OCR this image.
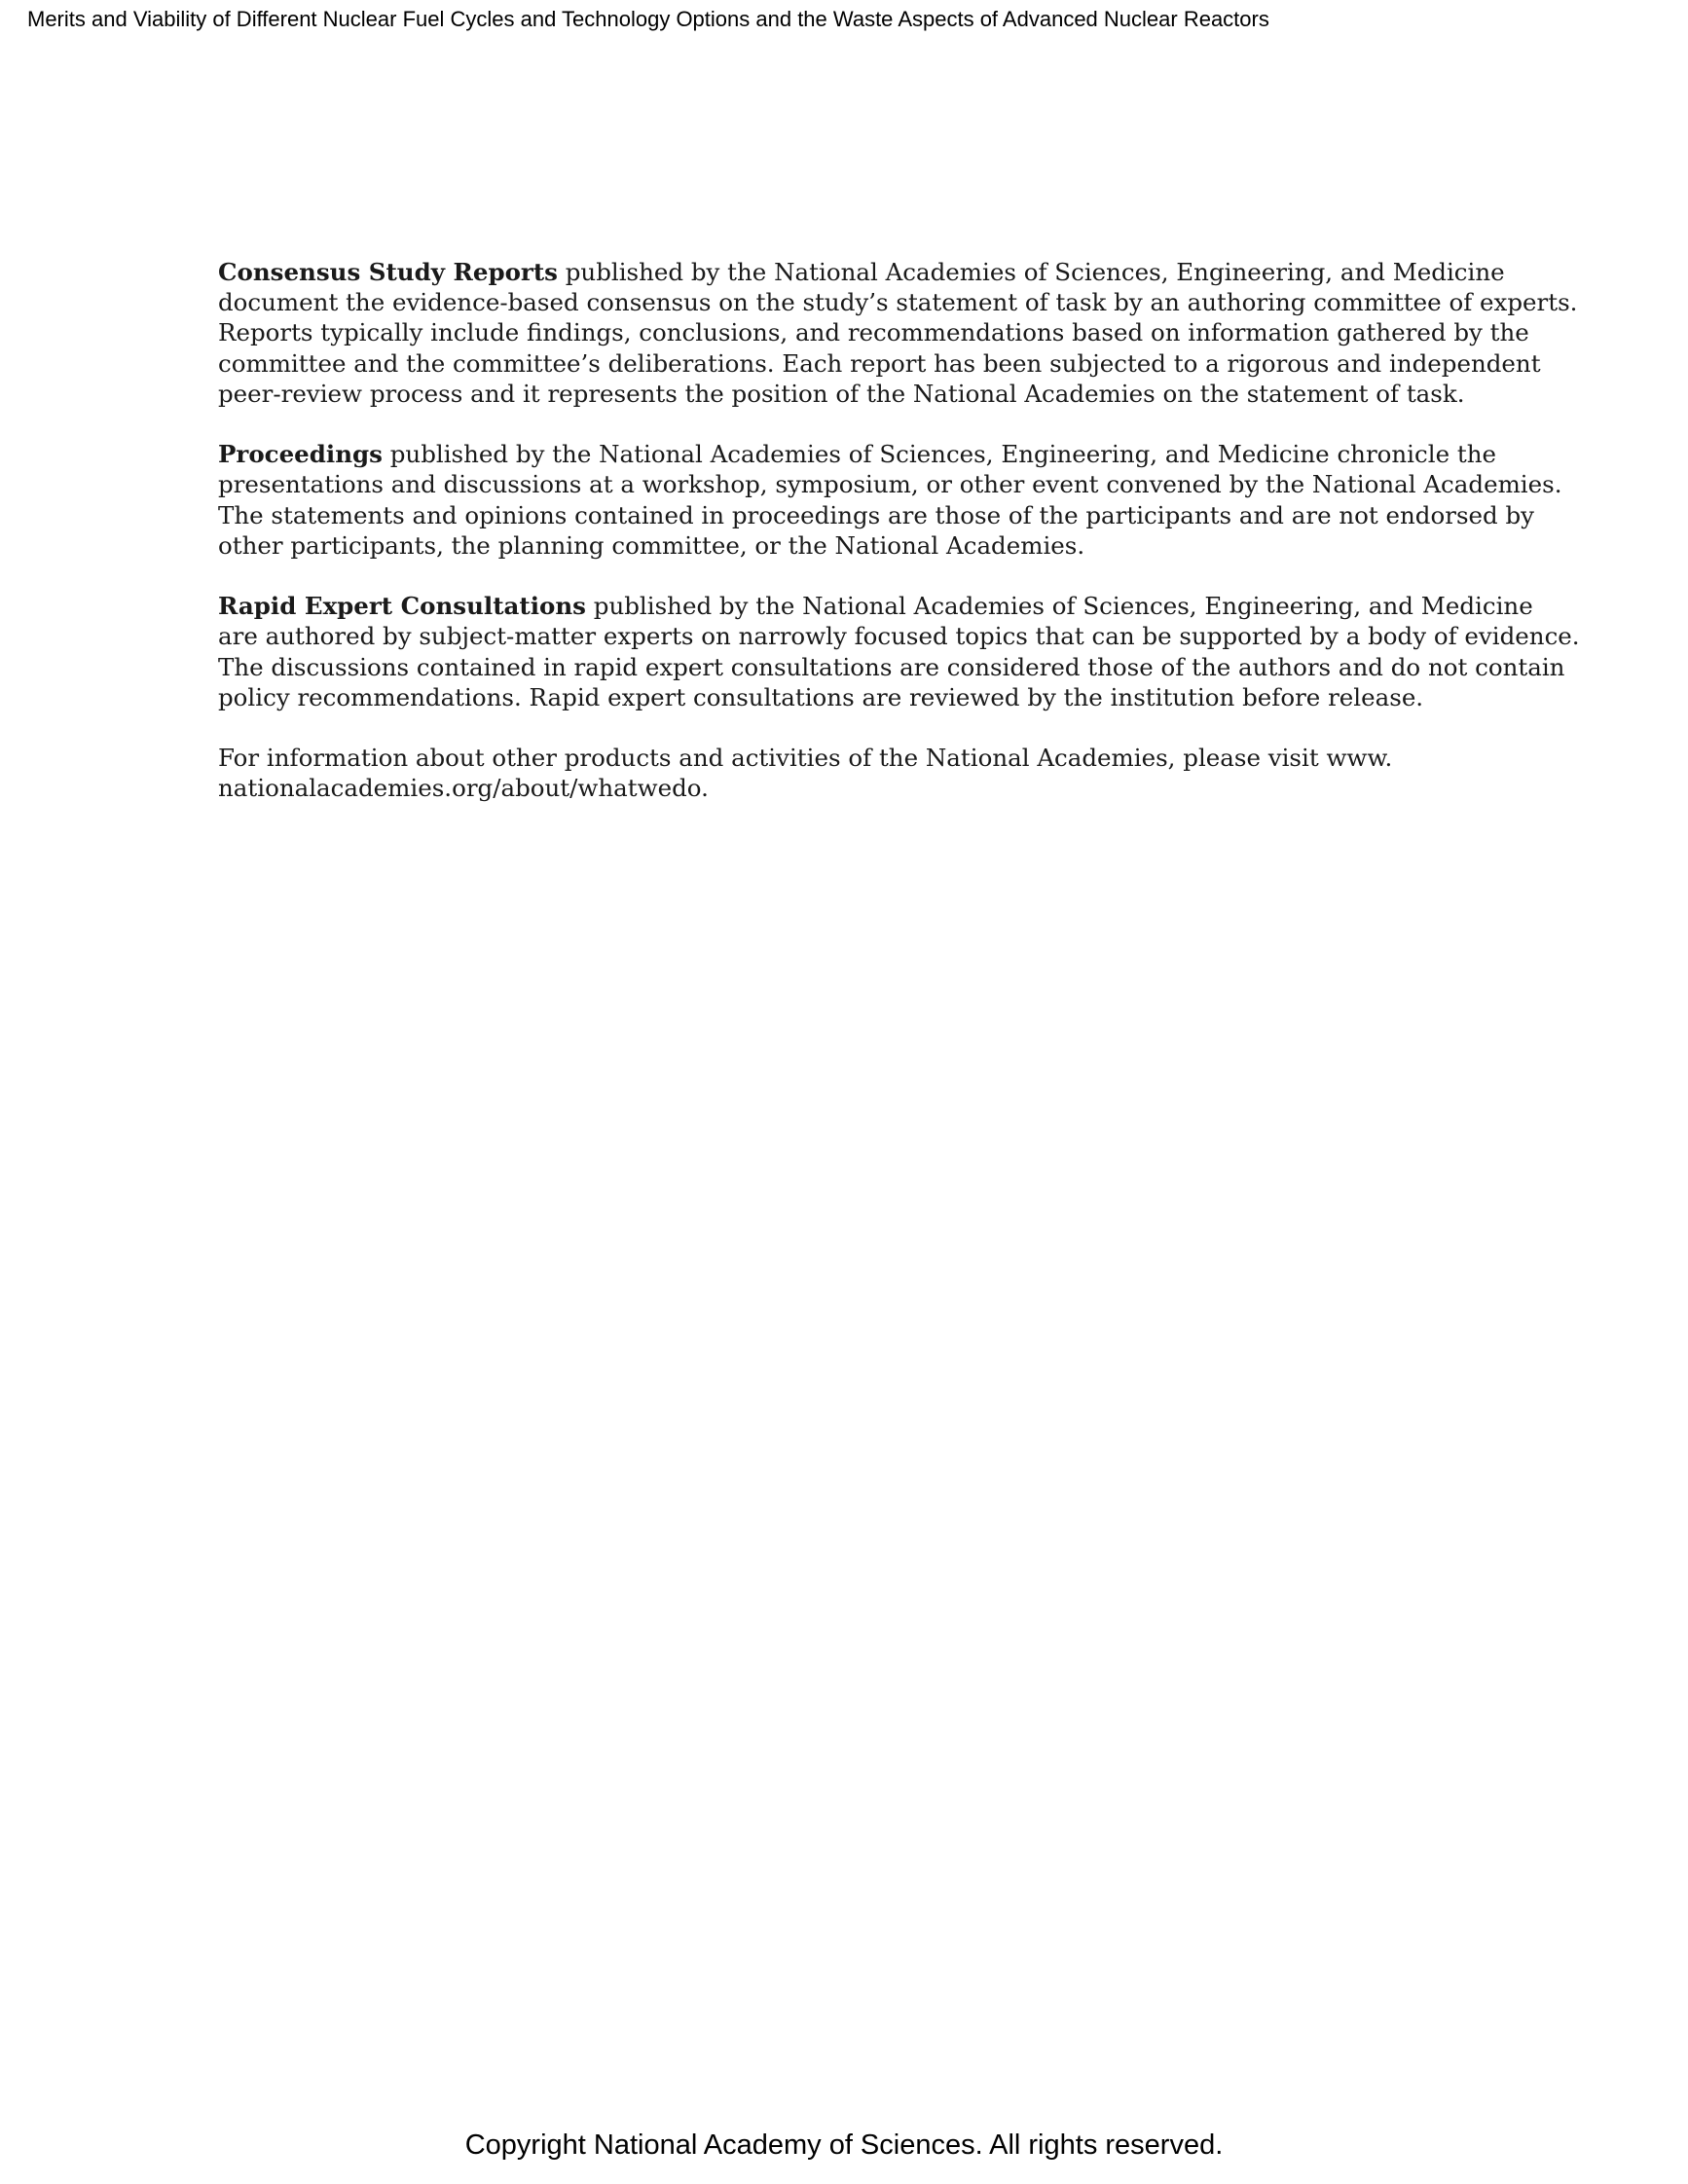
Merits and Viability of Different Nuclear Fuel Cycles and Technology Options and the Waste Aspects of Advanced Nuclear Reactors

Consensus Study Reports published by the National Academies of Sciences, Engineering, and Medicine
document the evidence-based consensus on the study’s statement of task by an authoring committee of experts.
Reports typically include findings, conclusions, and recommendations based on information gathered by the
committee and the committee’s deliberations. Each report has been subjected to a rigorous and independent
peer-review process and it represents the position of the National Academies on the statement of task.

Proceedings published by the National Academies of Sciences, Engineering, and Medicine chronicle the
presentations and discussions at a workshop, symposium, or other event convened by the National Academies.
The statements and opinions contained in proceedings are those of the participants and are not endorsed by
other participants, the planning committee, or the National Academies.

Rapid Expert Consultations published by the National Academies of Sciences, Engineering, and Medicine
are authored by subject-matter experts on narrowly focused topics that can be supported by a body of evidence.
The discussions contained in rapid expert consultations are considered those of the authors and do not contain
policy recommendations. Rapid expert consultations are reviewed by the institution before release.

For information about other products and activities of the National Academies, please visit www.
nationalacademies.org/about/whatwedo.

Copyright National Academy of Sciences. All rights reserved.
